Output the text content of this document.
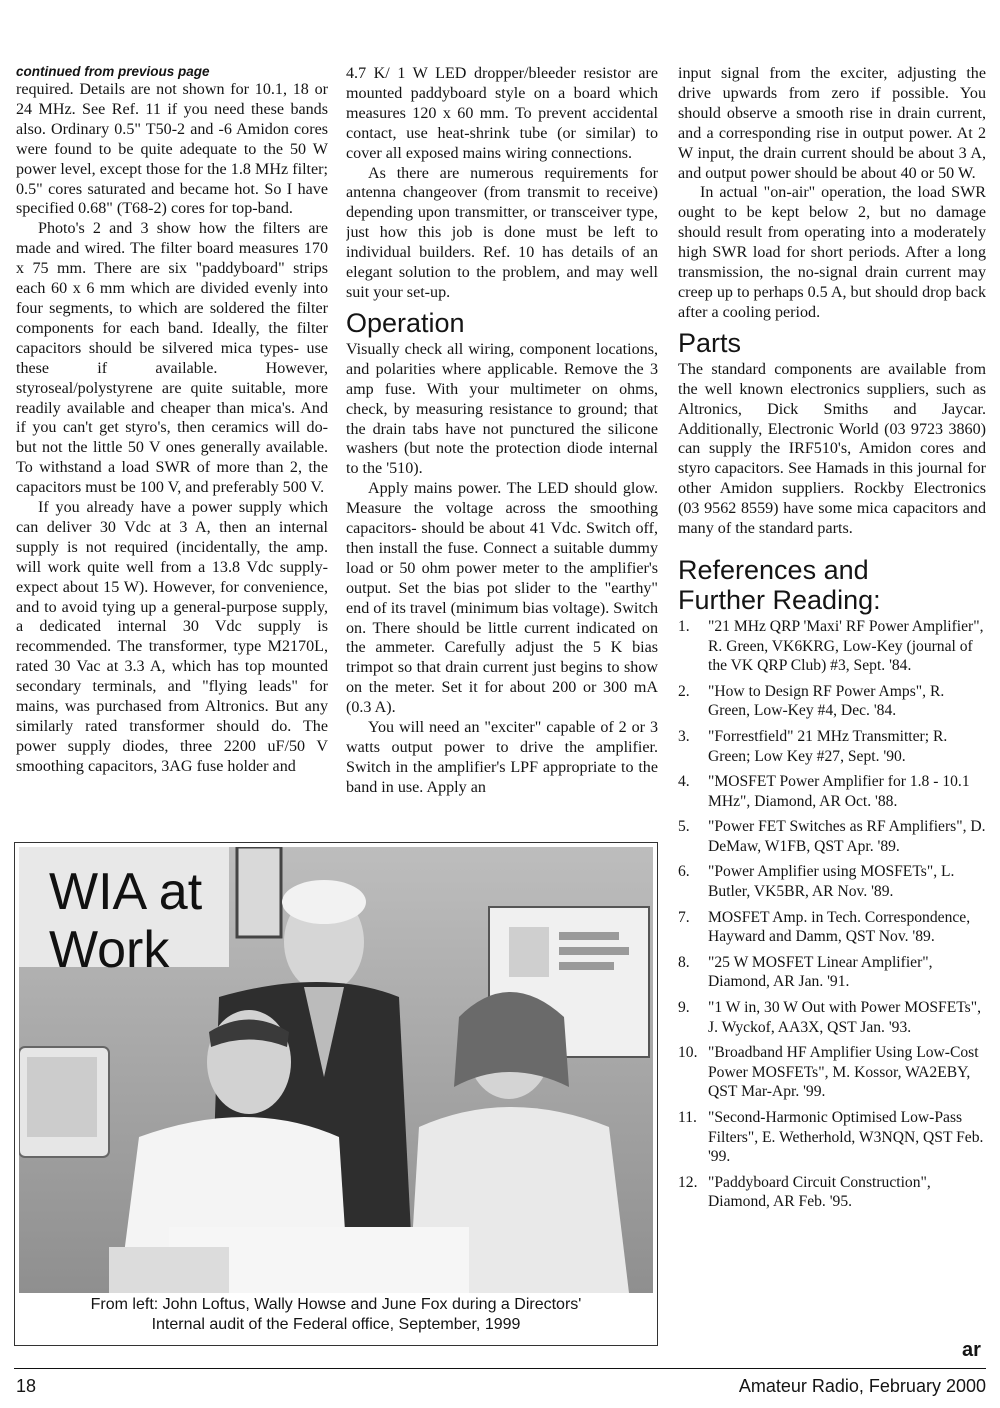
continued from previous page

required. Details are not shown for 10.1, 18 or 24 MHz. See Ref. 11 if you need these bands also. Ordinary 0.5" T50-2 and -6 Amidon cores were found to be quite adequate to the 50 W power level, except those for the 1.8 MHz filter; 0.5" cores saturated and became hot. So I have specified 0.68" (T68-2) cores for top-band.

Photo's 2 and 3 show how the filters are made and wired. The filter board measures 170 x 75 mm. There are six "paddyboard" strips each 60 x 6 mm which are divided evenly into four segments, to which are soldered the filter components for each band. Ideally, the filter capacitors should be silvered mica types- use these if available. However, styroseal/polystyrene are quite suitable, more readily available and cheaper than mica's. And if you can't get styro's, then ceramics will do- but not the little 50 V ones generally available. To withstand a load SWR of more than 2, the capacitors must be 100 V, and preferably 500 V.

If you already have a power supply which can deliver 30 Vdc at 3 A, then an internal supply is not required (incidentally, the amp. will work quite well from a 13.8 Vdc supply- expect about 15 W). However, for convenience, and to avoid tying up a general-purpose supply, a dedicated internal 30 Vdc supply is recommended. The transformer, type M2170L, rated 30 Vac at 3.3 A, which has top mounted secondary terminals, and "flying leads" for mains, was purchased from Altronics. But any similarly rated transformer should do. The power supply diodes, three 2200 uF/50 V smoothing capacitors, 3AG fuse holder and

4.7 K/ 1 W LED dropper/bleeder resistor are mounted paddyboard style on a board which measures 120 x 60 mm. To prevent accidental contact, use heat-shrink tube (or similar) to cover all exposed mains wiring connections.

As there are numerous requirements for antenna changeover (from transmit to receive) depending upon transmitter, or transceiver type, just how this job is done must be left to individual builders. Ref. 10 has details of an elegant solution to the problem, and may well suit your set-up.

Operation

Visually check all wiring, component locations, and polarities where applicable. Remove the 3 amp fuse. With your multimeter on ohms, check, by measuring resistance to ground; that the drain tabs have not punctured the silicone washers (but note the protection diode internal to the '510).

Apply mains power. The LED should glow. Measure the voltage across the smoothing capacitors- should be about 41 Vdc. Switch off, then install the fuse. Connect a suitable dummy load or 50 ohm power meter to the amplifier's output. Set the bias pot slider to the "earthy" end of its travel (minimum bias voltage). Switch on. There should be little current indicated on the ammeter. Carefully adjust the 5 K bias trimpot so that drain current just begins to show on the meter. Set it for about 200 or 300 mA (0.3 A).

You will need an "exciter" capable of 2 or 3 watts output power to drive the amplifier. Switch in the amplifier's LPF appropriate to the band in use. Apply an

input signal from the exciter, adjusting the drive upwards from zero if possible. You should observe a smooth rise in drain current, and a corresponding rise in output power. At 2 W input, the drain current should be about 3 A, and output power should be about 40 or 50 W.

In actual "on-air" operation, the load SWR ought to be kept below 2, but no damage should result from operating into a moderately high SWR load for short periods. After a long transmission, the no-signal drain current may creep up to perhaps 0.5 A, but should drop back after a cooling period.

Parts

The standard components are available from the well known electronics suppliers, such as Altronics, Dick Smiths and Jaycar. Additionally, Electronic World (03 9723 3860) can supply the IRF510's, Amidon cores and styro capacitors. See Hamads in this journal for other Amidon suppliers. Rockby Electronics (03 9562 8559) have some mica capacitors and many of the standard parts.

References and
Further Reading:
1. "21 MHz QRP 'Maxi' RF Power Amplifier", R. Green, VK6KRG, Low-Key (journal of the VK QRP Club) #3, Sept. '84.
2. "How to Design RF Power Amps", R. Green, Low-Key #4, Dec. '84.
3. "Forrestfield" 21 MHz Transmitter; R. Green; Low Key #27, Sept. '90.
4. "MOSFET Power Amplifier for 1.8 - 10.1 MHz", Diamond, AR Oct. '88.
5. "Power FET Switches as RF Amplifiers", D. DeMaw, W1FB, QST Apr. '89.
6. "Power Amplifier using MOSFETs", L. Butler, VK5BR, AR Nov. '89.
7. MOSFET Amp. in Tech. Correspondence, Hayward and Damm, QST Nov. '89.
8. "25 W MOSFET Linear Amplifier", Diamond, AR Jan. '91.
9. "1 W in, 30 W Out with Power MOSFETs", J. Wyckof, AA3X, QST Jan. '93.
10. "Broadband HF Amplifier Using Low-Cost Power MOSFETs", M. Kossor, WA2EBY, QST Mar-Apr. '99.
11. "Second-Harmonic Optimised Low-Pass Filters", E. Wetherhold, W3NQN, QST Feb. '99.
12. "Paddyboard Circuit Construction", Diamond, AR Feb. '95.
ar

WIA at
Work

From left: John Loftus, Wally Howse and June Fox during a Directors'
Internal audit of the Federal office, September, 1999

18	Amateur Radio, February 2000
